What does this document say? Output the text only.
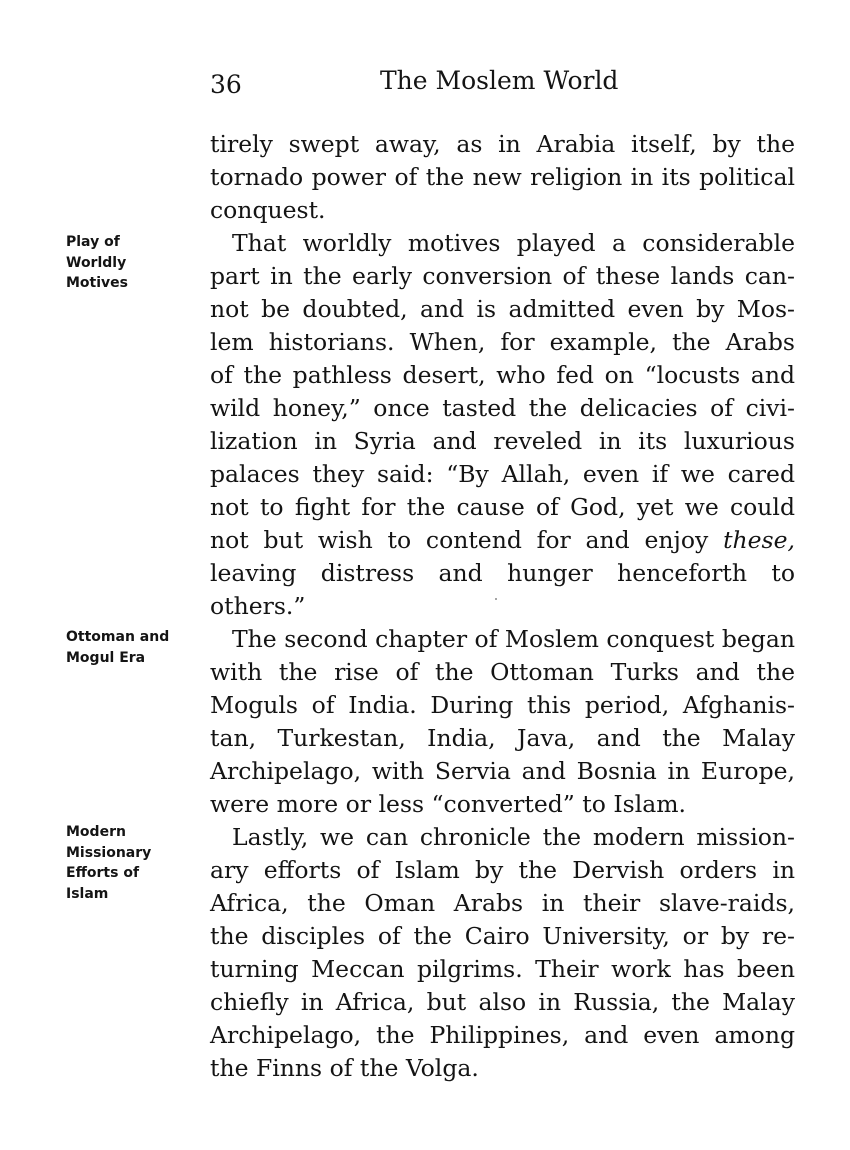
36	The Moslem World
Play of
Worldly
Motives
Ottoman and
Mogul Era
Modern
Missionary
Efforts of
Islam
tirely swept away, as in Arabia itself, by the
tornado power of the new religion in its political
conquest.
That worldly motives played a considerable
part in the early conversion of these lands can-
not be doubted, and is admitted even by Mos-
lem historians. When, for example, the Arabs
of the pathless desert, who fed on “locusts and
wild honey,” once tasted the delicacies of civi-
lization in Syria and reveled in its luxurious
palaces they said: “By Allah, even if we cared
not to fight for the cause of God, yet we could
not but wish to contend for and enjoy these,
leaving distress and hunger henceforth to
others.”
The second chapter of Moslem conquest began
with the rise of the Ottoman Turks and the
Moguls of India. During this period, Afghanis-
tan, Turkestan, India, Java, and the Malay
Archipelago, with Servia and Bosnia in Europe,
were more or less “converted” to Islam.
Lastly, we can chronicle the modern mission-
ary efforts of Islam by the Dervish orders in
Africa, the Oman Arabs in their slave-raids,
the disciples of the Cairo University, or by re-
turning Meccan pilgrims. Their work has been
chiefly in Africa, but also in Russia, the Malay
Archipelago, the Philippines, and even among
the Finns of the Volga.
